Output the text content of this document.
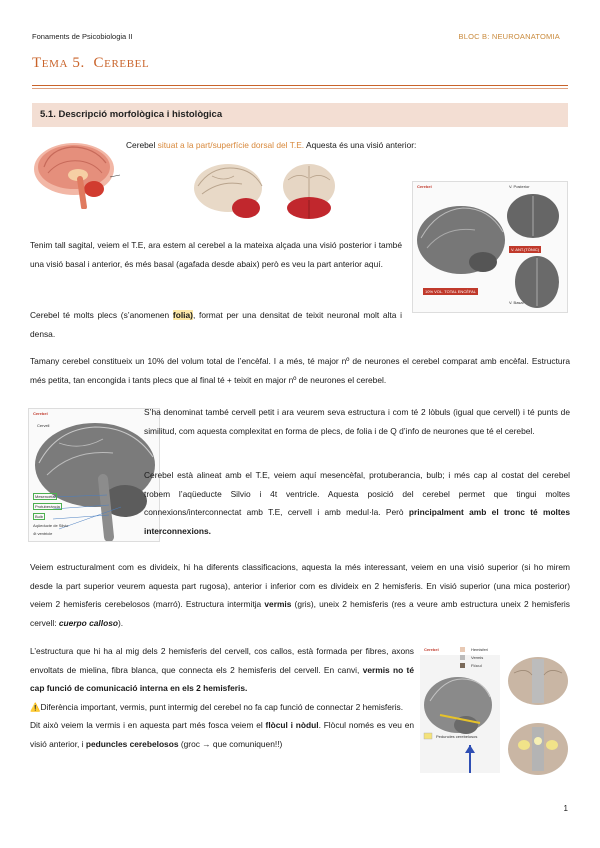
Fonaments de Psicobiologia II	BLOC B: NEUROANATOMIA
Tema 5. Cerebel
5.1. Descripció morfològica i histològica
Cerebel situat a la part/superfície dorsal del T.E. Aquesta és una visió anterior:
Cerebel	V. Posterior
V. ANT.(TÒNIC)
10% VOL. TOTAL ENCÈFAL
V. Basal
Tenim tall sagital, veiem el T.E, ara estem al cerebel a la mateixa alçada una visió posterior i també una visió basal i anterior, és més basal (agafada desde abaix) però es veu la part anterior aquí.
Cerebel té molts plecs (s’anomenen folia), format per una densitat de teixit neuronal molt alta i densa.
Tamany cerebel constitueix un 10% del volum total de l’encèfal. I a més, té major nº de neurones el cerebel comparat amb encèfal. Estructura més petita, tan encongida i tants plecs que al final té + teixit en major nº de neurones el cerebel.
Cerebel
Cervell
Mesencèfal
Protuberància
Bulb
Aqüeducte de Silvio
4t ventricle
S’ha denominat també cervell petit i ara veurem seva estructura i com té 2 lòbuls (igual que cervell) i té punts de similitud, com aquesta complexitat en forma de plecs, de folia i de Q d’info de neurones que té el cerebel.
Cerebel està alineat amb el T.E, veiem aquí mesencèfal, protuberancia, bulb; i més cap al costat del cerebel trobem l’aqüeducte Silvio i 4t ventricle. Aquesta posició del cerebel permet que tingui moltes connexions/interconnectat amb T.E, cervell i amb medul·la. Però principalment amb el tronc té moltes interconnexions.
Veiem estructuralment com es divideix, hi ha diferents classificacions, aquesta la més interessant, veiem en una visió superior (si ho mirem desde la part superior veurem aquesta part rugosa), anterior i inferior com es divideix en 2 hemisferis. En visió superior (una mica posterior) veiem 2 hemisferis cerebelosos (marró). Estructura intermitja vermis (gris), uneix 2 hemisferis (res a veure amb estructura uneix 2 hemisferis cervell: cuerpo calloso).
L’estructura que hi ha al mig dels 2 hemisferis del cervell, cos callos, està formada per fibres, axons envoltats de mielina, fibra blanca, que connecta els 2 hemisferis del cervell. En canvi, vermis no té cap funció de comunicació interna en els 2 hemisferis.
⚠️Diferència important, vermis, punt intermig del cerebel no fa cap funció de connectar 2 hemisferis.
Dit això veiem la vermis i en aquesta part més fosca veiem el flòcul i nòdul. Flòcul només es veu en visió anterior, i peduncles cerebelosos (groc → que comuniquen!!)
Cerebel	Hemisferi
Vermis
Flòcul
Peduncles cerebelosos
1
